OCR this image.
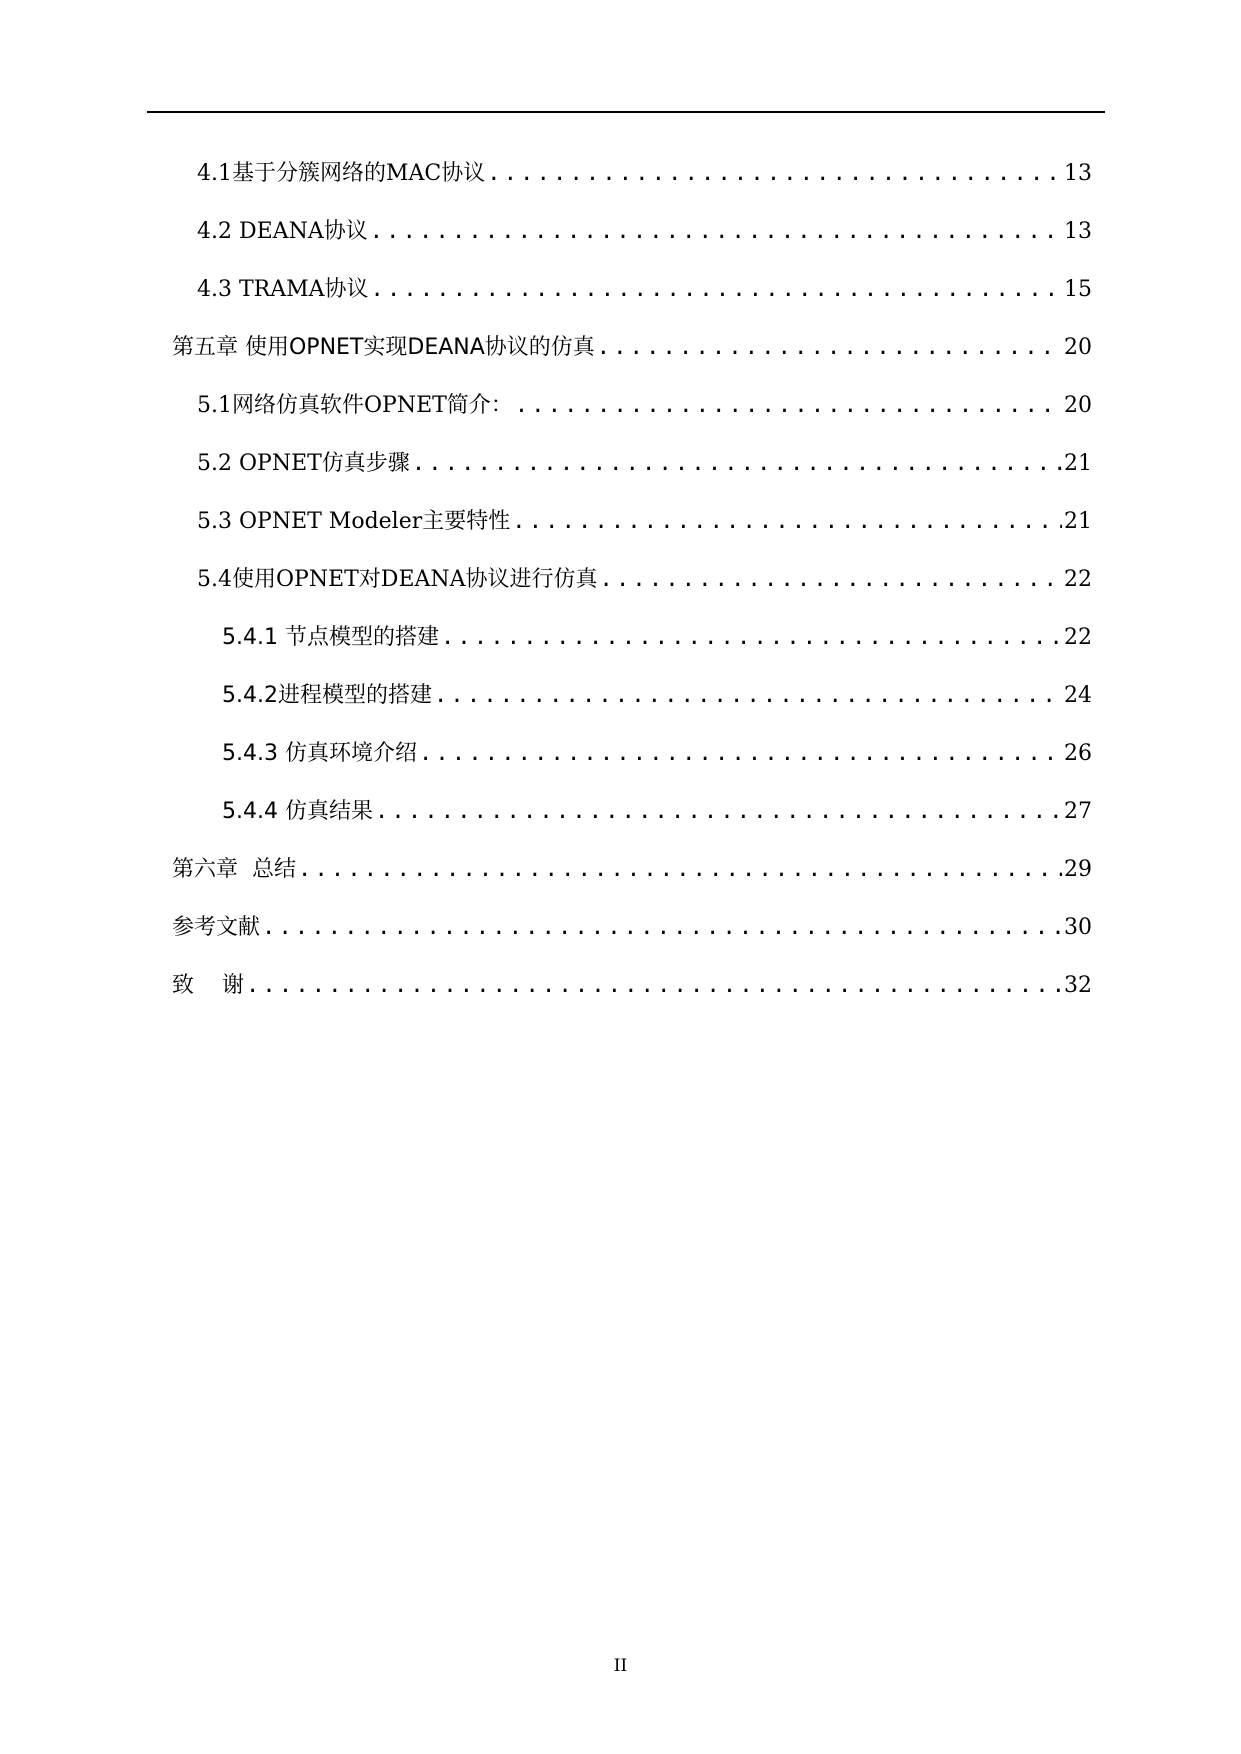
4.1基于分簇网络的MAC协议 .....	13
4.2 DEANA协议 .....	13
4.3 TRAMA协议 .....	15
第五章 使用OPNET实现DEANA协议的仿真 .....	20
5.1网络仿真软件OPNET简介： .....	20
5.2 OPNET仿真步骤 .....	21
5.3 OPNET Modeler主要特性 .....	21
5.4使用OPNET对DEANA协议进行仿真 .....	22
5.4.1 节点模型的搭建 .....	22
5.4.2进程模型的搭建 .....	24
5.4.3 仿真环境介绍 .....	26
5.4.4 仿真结果 .....	27
第六章  总结 .....	29
参考文献 .....	30
致    谢 .....	32
II
